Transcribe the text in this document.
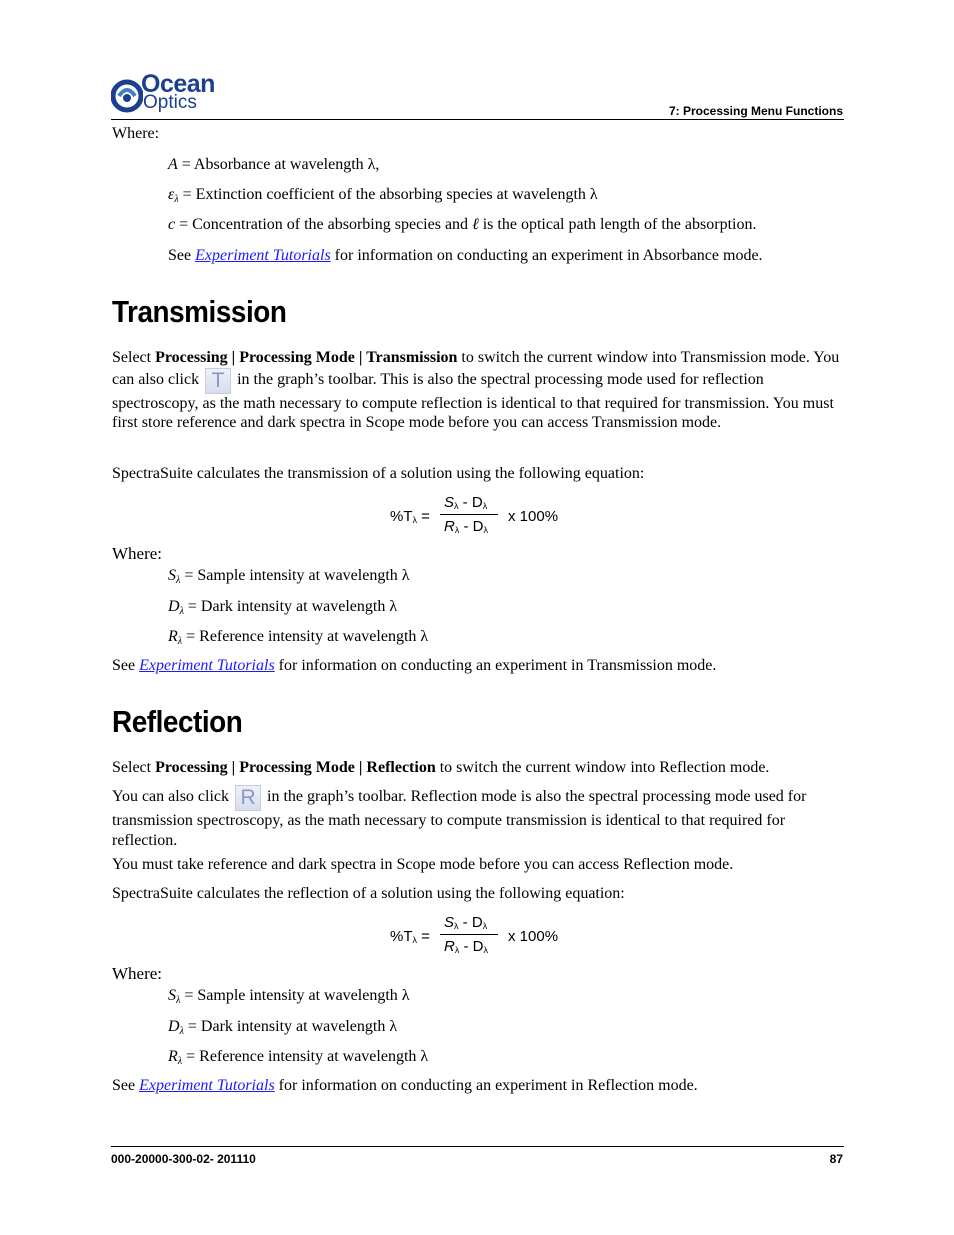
Ocean
Optics	7: Processing Menu Functions
Where:
A = Absorbance at wavelength λ,
$\varepsilon_\lambda$ = Extinction coefficient of the absorbing species at wavelength λ
c = Concentration of the absorbing species and ℓ is the optical path length of the absorption.
See Experiment Tutorials for information on conducting an experiment in Absorbance mode.
Transmission
Select Processing | Processing Mode | Transmission to switch the current window into Transmission mode. You can also click T in the graph’s toolbar. This is also the spectral processing mode used for reflection spectroscopy, as the math necessary to compute reflection is identical to that required for transmission. You must first store reference and dark spectra in Scope mode before you can access Transmission mode.
SpectraSuite calculates the transmission of a solution using the following equation:
$\%T_\lambda$ =
$S_\lambda - D_\lambda$
$R_\lambda - D_\lambda$
x 100%
Where:
$S_\lambda$ = Sample intensity at wavelength λ
$D_\lambda$ = Dark intensity at wavelength λ
$R_\lambda$ = Reference intensity at wavelength λ
See Experiment Tutorials for information on conducting an experiment in Transmission mode.
Reflection
Select Processing | Processing Mode | Reflection to switch the current window into Reflection mode.
You can also click R in the graph’s toolbar. Reflection mode is also the spectral processing mode used for transmission spectroscopy, as the math necessary to compute transmission is identical to that required for reflection.
You must take reference and dark spectra in Scope mode before you can access Reflection mode.
SpectraSuite calculates the reflection of a solution using the following equation:
$\%T_\lambda$ =
$S_\lambda - D_\lambda$
$R_\lambda - D_\lambda$
x 100%
Where:
$S_\lambda$ = Sample intensity at wavelength λ
$D_\lambda$ = Dark intensity at wavelength λ
$R_\lambda$ = Reference intensity at wavelength λ
See Experiment Tutorials for information on conducting an experiment in Reflection mode.
000-20000-300-02- 201110	87
